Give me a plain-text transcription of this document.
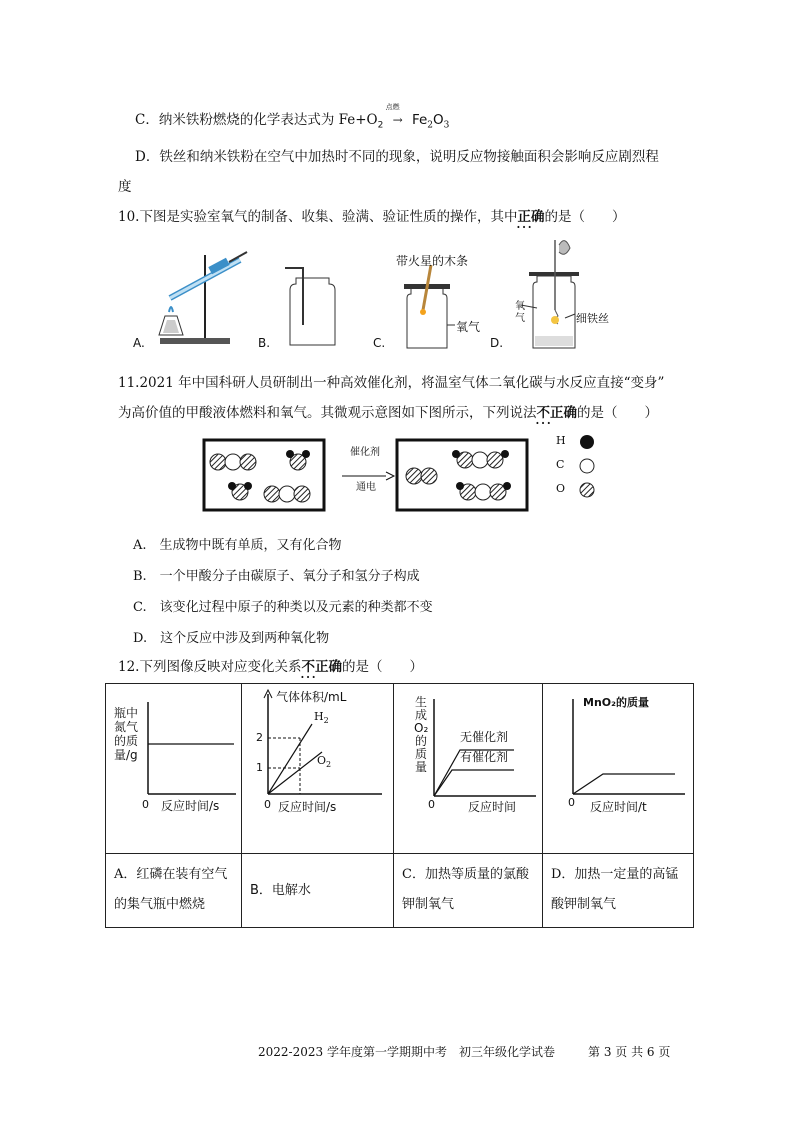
C．纳米铁粉燃烧的化学表达式为 $Fe+O_2$
点燃
→ $Fe_2O_3$
D．铁丝和纳米铁粉在空气中加热时不同的现象，说明反应物接触面积会影响反应剧烈程
度
10.下图是实验室氧气的制备、收集、验满、验证性质的操作，其中正确 · · ·的是（　　）
A.	B.	C.	D.
带火星的木条
氧气
氧
气	细铁丝
11.2021 年中国科研人员研制出一种高效催化剂，将温室气体二氧化碳与水反应直接“变身”
为高价值的甲酸液体燃料和氧气。其微观示意图如下图所示，下列说法不正确 · · ·的是（　　）
催化剂
通电
H
C
O
A.　生成物中既有单质，又有化合物
B.　一个甲酸分子由碳原子、氧分子和氢分子构成
C.　该变化过程中原子的种类以及元素的种类都不变
D.　这个反应中涉及到两种氧化物
12.下列图像反映对应变化关系不正确 · · ·的是（　　）
瓶中
氮气
的质
量/g
0 反应时间/s
气体体积/mL
2
1
0 反应时间/s
$H_2$
$O_2$
生
成
O₂
的
质
量
0	反应时间
无催化剂
有催化剂
MnO₂的质量
0 反应时间/t
A．红磷在装有空气
的集气瓶中燃烧
B．电解水
C．加热等质量的氯酸
钾制氧气
D．加热一定量的高锰
酸钾制氧气
2022-2023 学年度第一学期期中考　初三年级化学试卷	第 3 页 共 6 页
